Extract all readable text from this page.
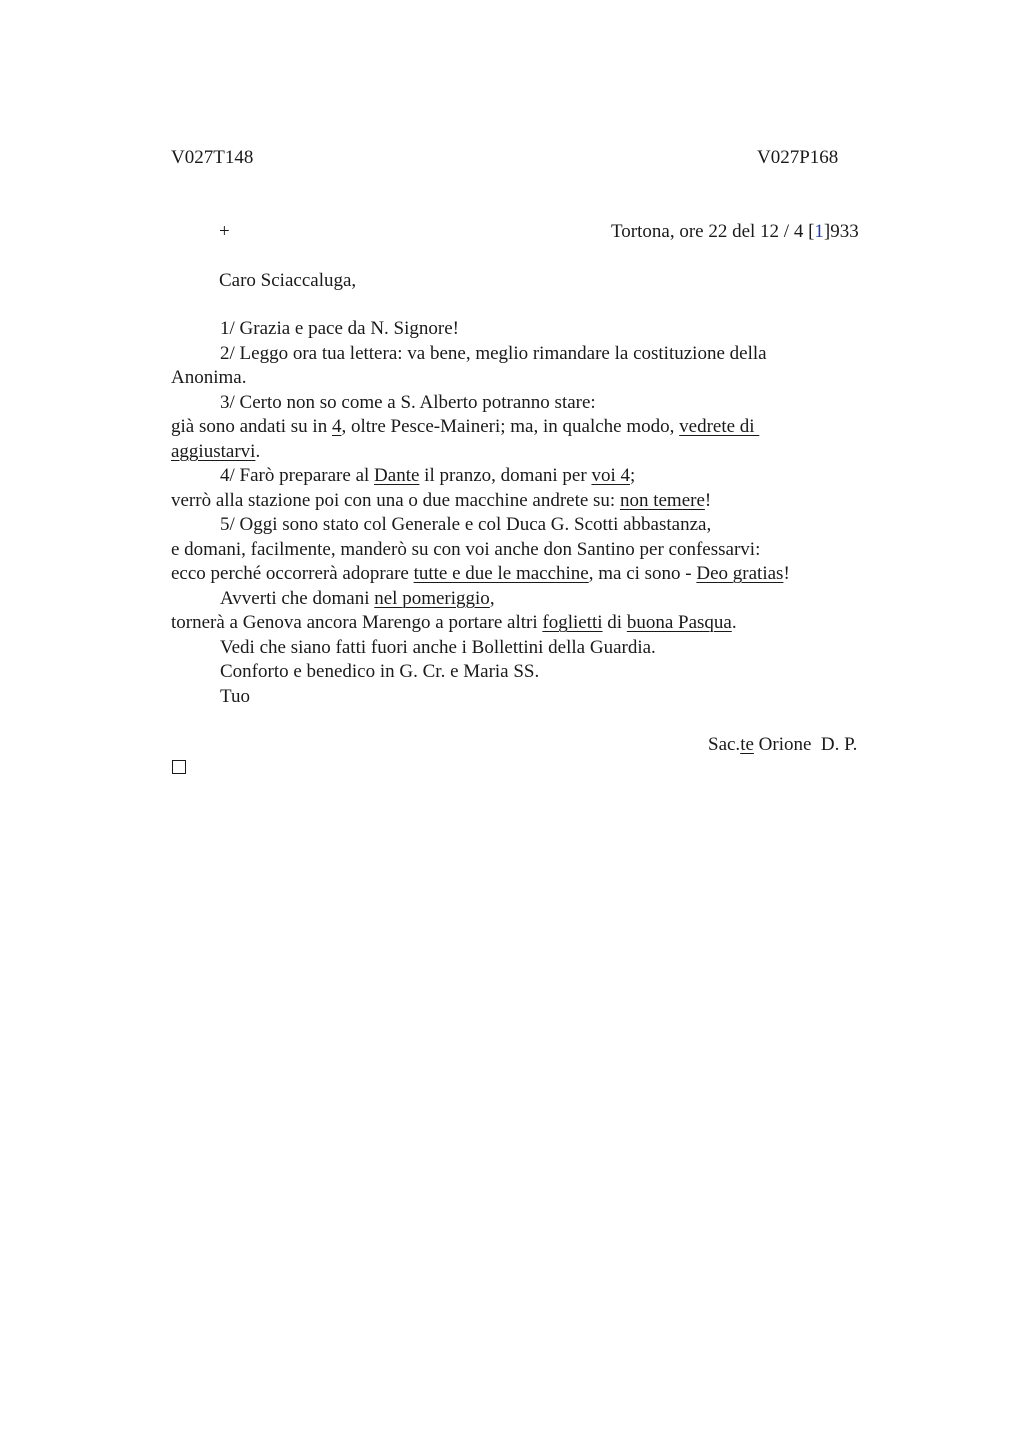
V027T148	V027P168
+	Tortona, ore 22 del 12 / 4 [1]933
Caro Sciaccaluga,
1/ Grazia e pace da N. Signore!
2/ Leggo ora tua lettera: va bene, meglio rimandare la costituzione della
Anonima.
3/ Certo non so come a S. Alberto potranno stare:
già sono andati su in 4, oltre Pesce-Maineri; ma, in qualche modo, vedrete di
aggiustarvi.
4/ Farò preparare al Dante il pranzo, domani per voi 4;
verrò alla stazione poi con una o due macchine andrete su: non temere!
5/ Oggi sono stato col Generale e col Duca G. Scotti abbastanza,
e domani, facilmente, manderò su con voi anche don Santino per confessarvi:
ecco perché occorrerà adoprare tutte e due le macchine, ma ci sono - Deo gratias!
Avverti che domani nel pomeriggio,
tornerà a Genova ancora Marengo a portare altri foglietti di buona Pasqua.
Vedi che siano fatti fuori anche i Bollettini della Guardia.
Conforto e benedico in G. Cr. e Maria SS.
Tuo
Sac.te Orione  D. P.
